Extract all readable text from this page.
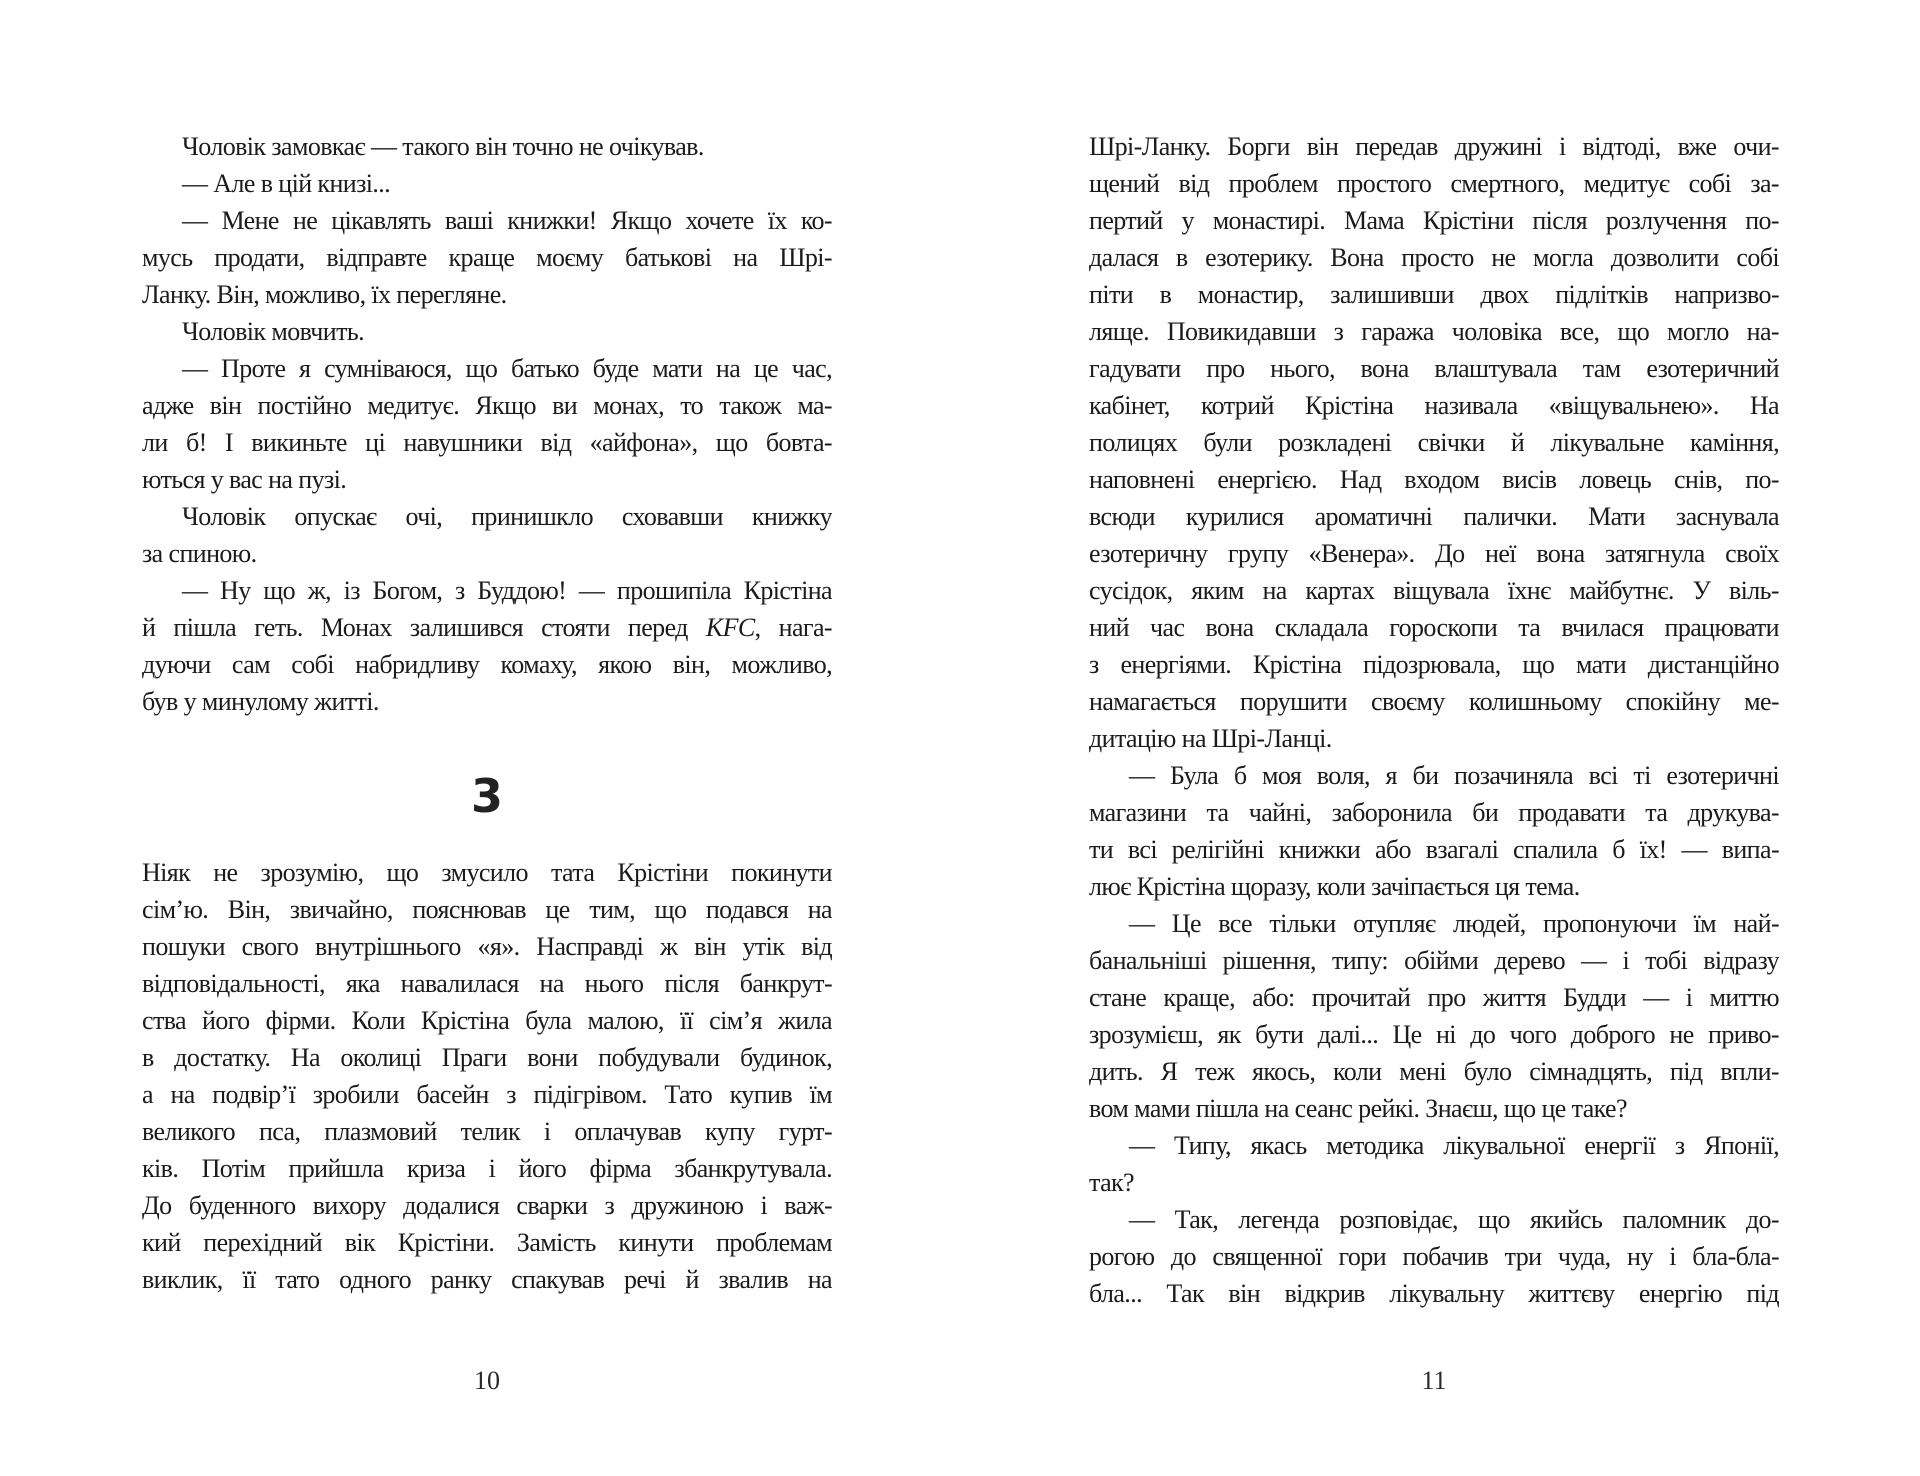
Чоловік замовкає — такого він точно не очікував.
— Але в цій книзі...
— Мене не цікавлять ваші книжки! Якщо хочете їх ко-
мусь продати, відправте краще моєму батькові на Шрі-
Ланку. Він, можливо, їх перегляне.
Чоловік мовчить.
— Проте я сумніваюся, що батько буде мати на це час,
адже він постійно медитує. Якщо ви монах, то також ма-
ли б! І викиньте ці навушники від «айфона», що бовта-
ються у вас на пузі.
Чоловік опускає очі, принишкло сховавши книжку
за спиною.
— Ну що ж, із Богом, з Буддою! — прошипіла Крістіна
й пішла геть. Монах залишився стояти перед KFC, нага-
дуючи сам собі набридливу комаху, якою він, можливо,
був у минулому житті.
3
Ніяк не зрозумію, що змусило тата Крістіни покинути
сім’ю. Він, звичайно, пояснював це тим, що подався на
пошуки свого внутрішнього «я». Насправді ж він утік від
відповідальності, яка навалилася на нього після банкрут-
ства його фірми. Коли Крістіна була малою, її сім’я жила
в достатку. На околиці Праги вони побудували будинок,
а на подвір’ї зробили басейн з підігрівом. Тато купив їм
великого пса, плазмовий телик і оплачував купу гурт-
ків. Потім прийшла криза і його фірма збанкрутувала.
До буденного вихору додалися сварки з дружиною і важ-
кий перехідний вік Крістіни. Замість кинути проблемам
виклик, її тато одного ранку спакував речі й звалив на
Шрі-Ланку. Борги він передав дружині і відтоді, вже очи-
щений від проблем простого смертного, медитує собі за-
пертий у монастирі. Мама Крістіни після розлучення по-
далася в езотерику. Вона просто не могла дозволити собі
піти в монастир, залишивши двох підлітків напризво-
ляще. Повикидавши з гаража чоловіка все, що могло на-
гадувати про нього, вона влаштувала там езотеричний
кабінет, котрий Крістіна називала «віщувальнею». На
полицях були розкладені свічки й лікувальне каміння,
наповнені енергією. Над входом висів ловець снів, по-
всюди курилися ароматичні палички. Мати заснувала
езотеричну групу «Венера». До неї вона затягнула своїх
сусідок, яким на картах віщувала їхнє майбутнє. У віль-
ний час вона складала гороскопи та вчилася працювати
з енергіями. Крістіна підозрювала, що мати дистанційно
намагається порушити своєму колишньому спокійну ме-
дитацію на Шрі-Ланці.
— Була б моя воля, я би позачиняла всі ті езотеричні
магазини та чайні, заборонила би продавати та друкува-
ти всі релігійні книжки або взагалі спалила б їх! — випа-
лює Крістіна щоразу, коли зачіпається ця тема.
— Це все тільки отупляє людей, пропонуючи їм най-
банальніші рішення, типу: обійми дерево — і тобі відразу
стане краще, або: прочитай про життя Будди — і миттю
зрозумієш, як бути далі... Це ні до чого доброго не приво-
дить. Я теж якось, коли мені було сімнадцять, під впли-
вом мами пішла на сеанс рейкі. Знаєш, що це таке?
— Типу, якась методика лікувальної енергії з Японії,
так?
— Так, легенда розповідає, що якийсь паломник до-
рогою до священної гори побачив три чуда, ну і бла-бла-
бла... Так він відкрив лікувальну життєву енергію під
10	11
